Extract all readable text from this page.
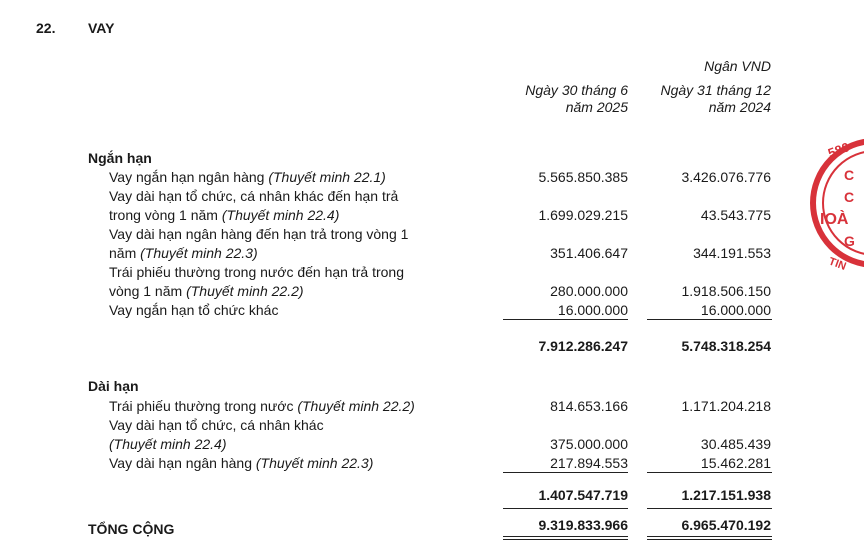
22. VAY
Ngân VND
Ngày 30 tháng 6
năm 2025
Ngày 31 tháng 12
năm 2024
Ngắn hạn
Vay ngắn hạn ngân hàng (Thuyết minh 22.1)	5.565.850.385	3.426.076.776
Vay dài hạn tổ chức, cá nhân khác đến hạn trả
trong vòng 1 năm (Thuyết minh 22.4)	1.699.029.215	43.543.775
Vay dài hạn ngân hàng đến hạn trả trong vòng 1
năm (Thuyết minh 22.3)	351.406.647	344.191.553
Trái phiếu thường trong nước đến hạn trả trong
vòng 1 năm (Thuyết minh 22.2)	280.000.000	1.918.506.150
Vay ngắn hạn tổ chức khác	16.000.000	16.000.000
7.912.286.247	5.748.318.254
Dài hạn
Trái phiếu thường trong nước (Thuyết minh 22.2)	814.653.166	1.171.204.218
Vay dài hạn tổ chức, cá nhân khác
(Thuyết minh 22.4)	375.000.000	30.485.439
Vay dài hạn ngân hàng (Thuyết minh 22.3)	217.894.553	15.462.281
1.407.547.719	1.217.151.938
TỔNG CỘNG	9.319.833.966	6.965.470.192
580
C
C
IOÀ
G
TIN
